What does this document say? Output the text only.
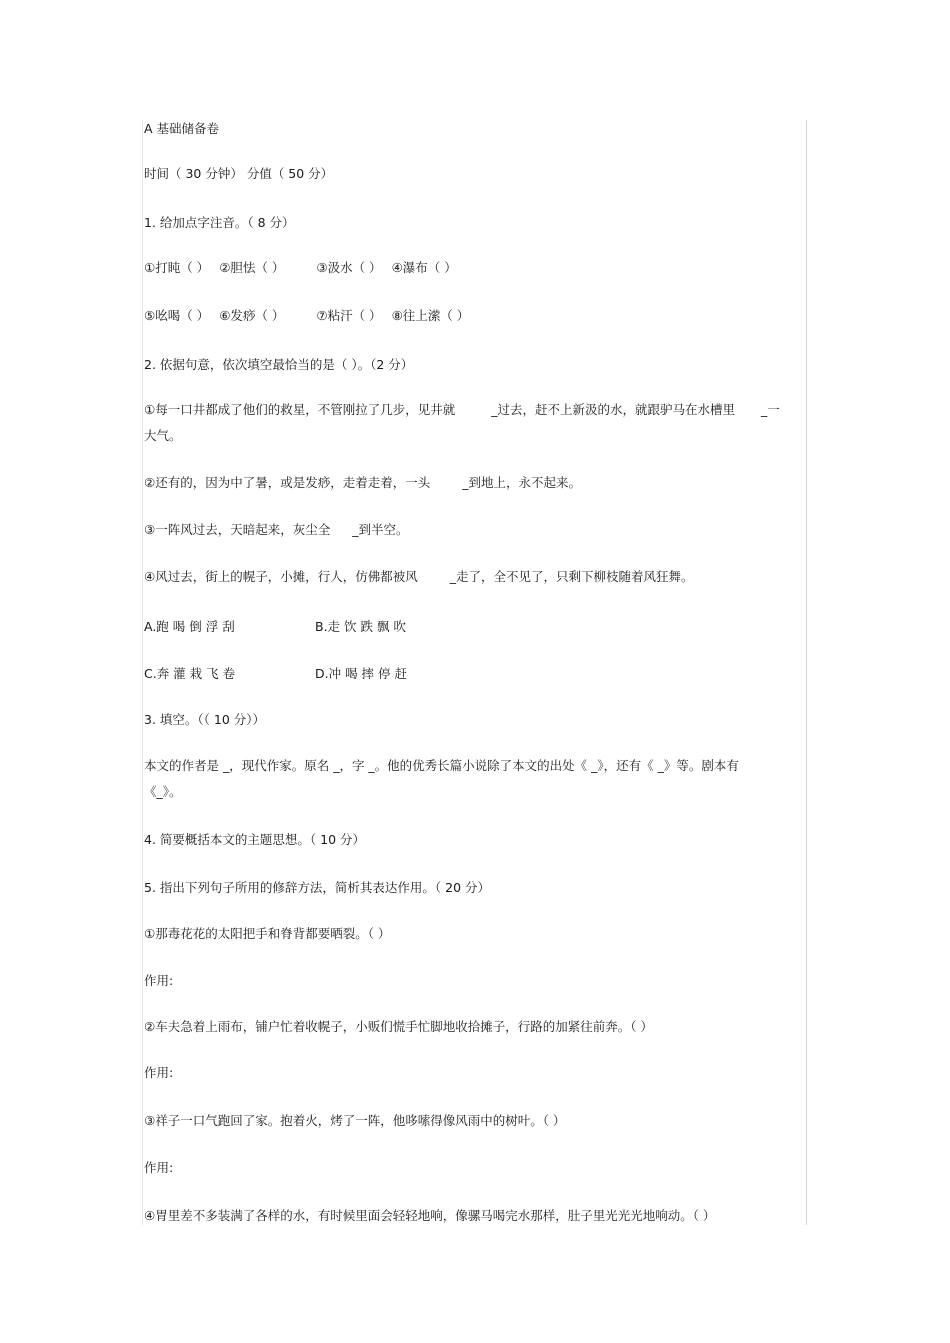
A 基础储备卷
时间（ 30 分钟） 分值（ 50 分）
1. 给加点字注音。（ 8 分）
①打盹（ ） ②胆怯（ ）	③汲水（ ） ④瀑布（ ）
⑤吆喝（ ） ⑥发痧（ ）	⑦粘汗（ ） ⑧往上潆（ ）
2. 依据句意，依次填空最恰当的是（ ）。（2 分）
①每一口井都成了他们的救星，不管刚拉了几步，见井就	_过去，赶不上新汲的水，就跟驴马在水槽里 _一
大气。
②还有的，因为中了暑，或是发痧，走着走着，一头	_到地上，永不起来。
③一阵风过去，天暗起来，灰尘全 _到半空。
④风过去，街上的幌子，小摊，行人，仿佛都被风	_走了，全不见了，只剩下柳枝随着风狂舞。
A.跑 喝 倒 浮 刮	B.走 饮 跌 飘 吹
C.奔 灌 栽 飞 卷	D.冲 喝 摔 停 赶
3. 填空。（（ 10 分））
本文的作者是 _，现代作家。原名 _，字 _。他的优秀长篇小说除了本文的出处《 _》，还有《 _》等。剧本有
《_》。
4. 简要概括本文的主题思想。（ 10 分）
5. 指出下列句子所用的修辞方法，简析其表达作用。（ 20 分）
①那毒花花的太阳把手和脊背都要晒裂。（ ）
作用:
②车夫急着上雨布，铺户忙着收幌子，小贩们慌手忙脚地收拾摊子，行路的加紧往前奔。（ ）
作用:
③祥子一口气跑回了家。抱着火，烤了一阵，他哆嗦得像风雨中的树叶。（ ）
作用:
④胃里差不多装满了各样的水，有时候里面会轻轻地响，像骡马喝完水那样，肚子里光光光地响动。（ ）
